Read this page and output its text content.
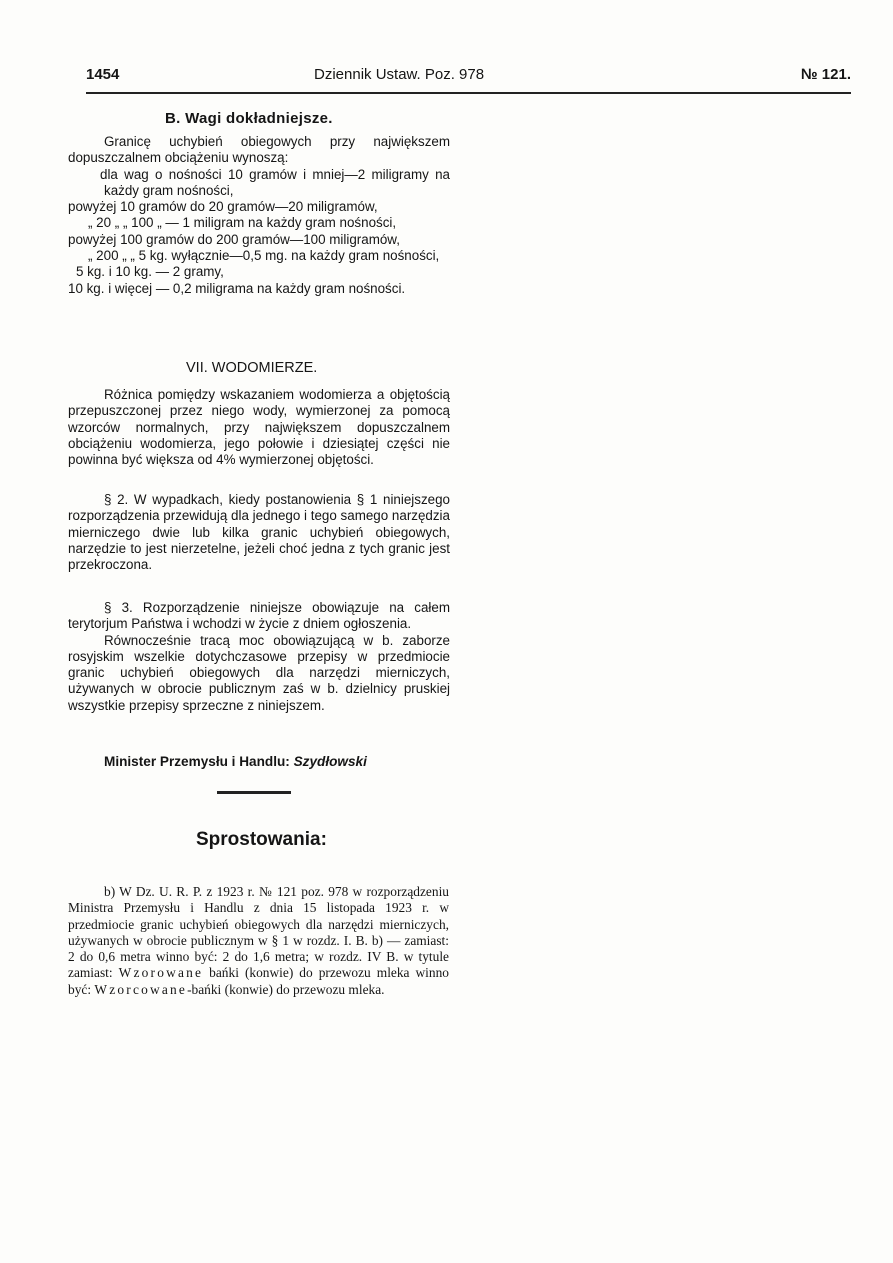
1454	Dziennik Ustaw. Poz. 978	№ 121.
B. Wagi dokładniejsze.

Granicę uchybień obiegowych przy największem dopuszczalnem obciążeniu wynoszą:

dla wag o nośności 10 gramów i mniej—2 miligramy na każdy gram nośności,

powyżej 10 gramów do 20 gramów—20 miligramów,

„ 20 „ „ 100 „ — 1 miligram na każdy gram nośności,

powyżej 100 gramów do 200 gramów—100 miligramów,

„ 200 „ „ 5 kg. wyłącznie—0,5 mg. na każdy gram nośności,

5 kg. i 10 kg. — 2 gramy,

10 kg. i więcej — 0,2 miligrama na każdy gram nośności.

VII. WODOMIERZE.

Różnica pomiędzy wskazaniem wodomierza a objętością przepuszczonej przez niego wody, wymierzonej za pomocą wzorców normalnych, przy największem dopuszczalnem obciążeniu wodomierza, jego połowie i dziesiątej części nie powinna być większa od 4% wymierzonej objętości.

§ 2. W wypadkach, kiedy postanowienia § 1 niniejszego rozporządzenia przewidują dla jednego i tego samego narzędzia mierniczego dwie lub kilka granic uchybień obiegowych, narzędzie to jest nierzetelne, jeżeli choć jedna z tych granic jest przekroczona.

§ 3. Rozporządzenie niniejsze obowiązuje na całem terytorjum Państwa i wchodzi w życie z dniem ogłoszenia.

Równocześnie tracą moc obowiązującą w b. zaborze rosyjskim wszelkie dotychczasowe przepisy w przedmiocie granic uchybień obiegowych dla narzędzi mierniczych, używanych w obrocie publicznym zaś w b. dzielnicy pruskiej wszystkie przepisy sprzeczne z niniejszem.

Minister Przemysłu i Handlu: Szydłowski
Sprostowania:

b) W Dz. U. R. P. z 1923 r. № 121 poz. 978 w rozporządzeniu Ministra Przemysłu i Handlu z dnia 15 listopada 1923 r. w przedmiocie granic uchybień obiegowych dla narzędzi mierniczych, używanych w obrocie publicznym w § 1 w rozdz. I. B. b) — zamiast: 2 do 0,6 metra winno być: 2 do 1,6 metra; w rozdz. IV B. w tytule zamiast: Wzorowane bańki (konwie) do przewozu mleka winno być: Wzorcowane-bańki (konwie) do przewozu mleka.
